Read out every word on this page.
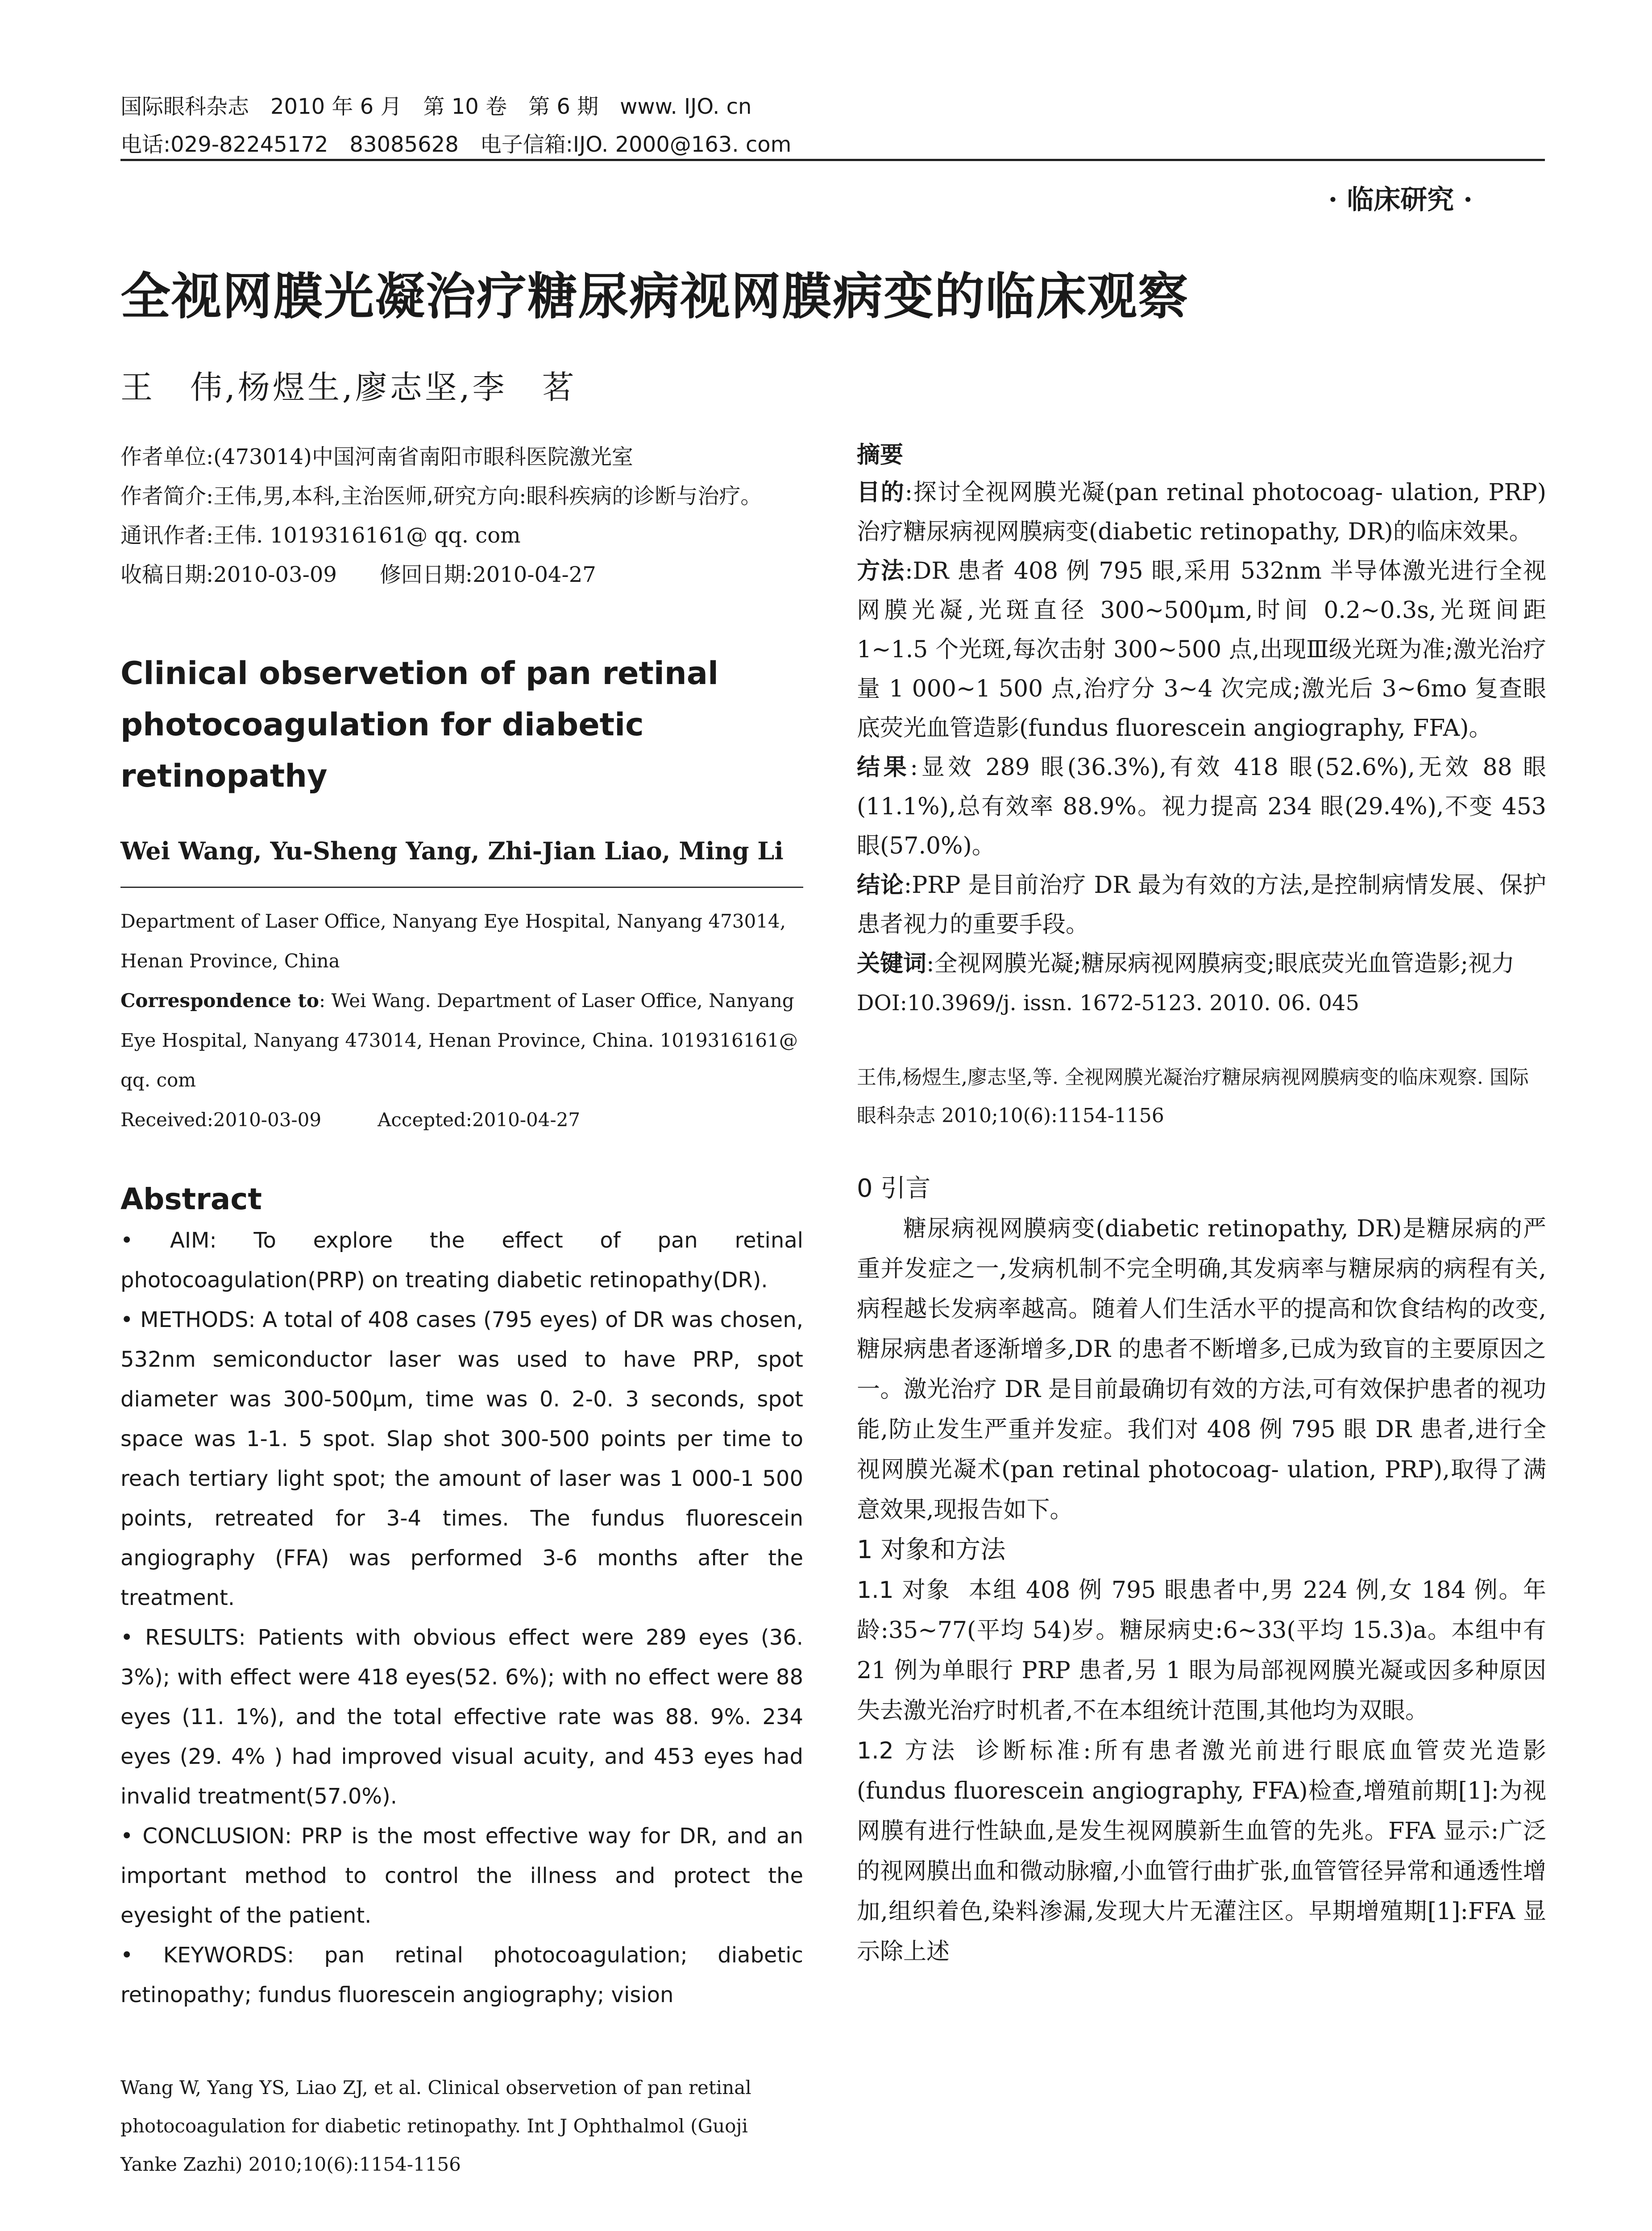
国际眼科杂志　2010 年 6 月　第 10 卷　第 6 期　www. IJO. cn
电话:029-82245172　83085628　电子信箱:IJO. 2000@163. com
· 临床研究 ·
全视网膜光凝治疗糖尿病视网膜病变的临床观察
王　伟,杨煜生,廖志坚,李　茗

作者单位:(473014)中国河南省南阳市眼科医院激光室

作者简介:王伟,男,本科,主治医师,研究方向:眼科疾病的诊断与治疗。

通讯作者:王伟. 1019316161@ qq. com

收稿日期:2010-03-09　　修回日期:2010-04-27

Clinical observetion of pan retinal photocoagulation for diabetic retinopathy
Wei Wang, Yu-Sheng Yang, Zhi-Jian Liao, Ming Li

Department of Laser Office, Nanyang Eye Hospital, Nanyang 473014, Henan Province, China

Correspondence to: Wei Wang. Department of Laser Office, Nanyang Eye Hospital, Nanyang 473014, Henan Province, China. 1019316161@ qq. com

Received:2010-03-09　　　Accepted:2010-04-27

Abstract

• AIM: To explore the effect of pan retinal photocoagulation(PRP) on treating diabetic retinopathy(DR).

• METHODS: A total of 408 cases (795 eyes) of DR was chosen, 532nm semiconductor laser was used to have PRP, spot diameter was 300-500μm, time was 0. 2-0. 3 seconds, spot space was 1-1. 5 spot. Slap shot 300-500 points per time to reach tertiary light spot; the amount of laser was 1 000-1 500 points, retreated for 3-4 times. The fundus fluorescein angiography (FFA) was performed 3-6 months after the treatment.

• RESULTS: Patients with obvious effect were 289 eyes (36. 3%); with effect were 418 eyes(52. 6%); with no effect were 88 eyes (11. 1%), and the total effective rate was 88. 9%. 234 eyes (29. 4% ) had improved visual acuity, and 453 eyes had invalid treatment(57.0%).

• CONCLUSION: PRP is the most effective way for DR, and an important method to control the illness and protect the eyesight of the patient.

• KEYWORDS: pan retinal photocoagulation; diabetic retinopathy; fundus fluorescein angiography; vision

Wang W, Yang YS, Liao ZJ, et al. Clinical observetion of pan retinal photocoagulation for diabetic retinopathy. Int J Ophthalmol (Guoji Yanke Zazhi) 2010;10(6):1154-1156

摘要

目的:探讨全视网膜光凝(pan retinal photocoag- ulation, PRP)治疗糖尿病视网膜病变(diabetic retinopathy, DR)的临床效果。

方法:DR 患者 408 例 795 眼,采用 532nm 半导体激光进行全视网膜光凝,光斑直径 300~500μm,时间 0.2~0.3s,光斑间距 1~1.5 个光斑,每次击射 300~500 点,出现Ⅲ级光斑为准;激光治疗量 1 000~1 500 点,治疗分 3~4 次完成;激光后 3~6mo 复查眼底荧光血管造影(fundus fluorescein angiography, FFA)。

结果:显效 289 眼(36.3%),有效 418 眼(52.6%),无效 88 眼(11.1%),总有效率 88.9%。视力提高 234 眼(29.4%),不变 453 眼(57.0%)。

结论:PRP 是目前治疗 DR 最为有效的方法,是控制病情发展、保护患者视力的重要手段。

关键词:全视网膜光凝;糖尿病视网膜病变;眼底荧光血管造影;视力

DOI:10.3969/j. issn. 1672-5123. 2010. 06. 045

王伟,杨煜生,廖志坚,等. 全视网膜光凝治疗糖尿病视网膜病变的临床观察. 国际眼科杂志 2010;10(6):1154-1156

0 引言

糖尿病视网膜病变(diabetic retinopathy, DR)是糖尿病的严重并发症之一,发病机制不完全明确,其发病率与糖尿病的病程有关,病程越长发病率越高。随着人们生活水平的提高和饮食结构的改变,糖尿病患者逐渐增多,DR 的患者不断增多,已成为致盲的主要原因之一。激光治疗 DR 是目前最确切有效的方法,可有效保护患者的视功能,防止发生严重并发症。我们对 408 例 795 眼 DR 患者,进行全视网膜光凝术(pan retinal photocoag- ulation, PRP),取得了满意效果,现报告如下。

1 对象和方法

1.1 对象 本组 408 例 795 眼患者中,男 224 例,女 184 例。年龄:35~77(平均 54)岁。糖尿病史:6~33(平均 15.3)a。本组中有 21 例为单眼行 PRP 患者,另 1 眼为局部视网膜光凝或因多种原因失去激光治疗时机者,不在本组统计范围,其他均为双眼。

1.2 方法 诊断标准:所有患者激光前进行眼底血管荧光造影(fundus fluorescein angiography, FFA)检查,增殖前期[1]:为视网膜有进行性缺血,是发生视网膜新生血管的先兆。FFA 显示:广泛的视网膜出血和微动脉瘤,小血管行曲扩张,血管管径异常和通透性增加,组织着色,染料渗漏,发现大片无灌注区。早期增殖期[1]:FFA 显示除上述
